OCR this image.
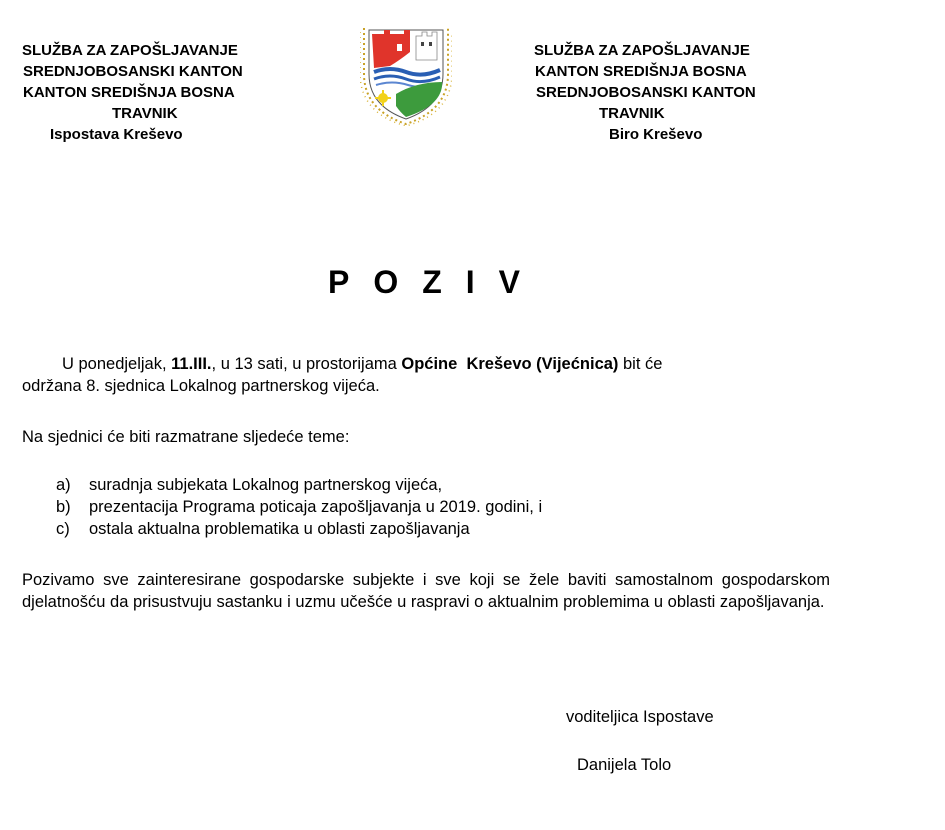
SLUŽBA ZA ZAPOŠLJAVANJE
SREDNJOBOSANSKI KANTON
KANTON SREDIŠNJA BOSNA
TRAVNIK
Ispostava Kreševo
SLUŽBA ZA ZAPOŠLJAVANJE
KANTON SREDIŠNJA BOSNA
SREDNJOBOSANSKI KANTON
TRAVNIK
Biro Kreševo
POZIV
U ponedjeljak, 11.III., u 13 sati, u prostorijama Općine  Kreševo (Vijećnica) bit će
održana 8. sjednica Lokalnog partnerskog vijeća.
Na sjednici će biti razmatrane sljedeće teme:
a) suradnja subjekata Lokalnog partnerskog vijeća,
b) prezentacija Programa poticaja zapošljavanja u 2019. godini, i
c) ostala aktualna problematika u oblasti zapošljavanja
Pozivamo sve zainteresirane gospodarske subjekte i sve koji se žele baviti samostalnom gospodarskom djelatnošću da prisustvuju sastanku i uzmu učešće u raspravi o aktualnim problemima u oblasti zapošljavanja.
voditeljica Ispostave
Danijela Tolo
